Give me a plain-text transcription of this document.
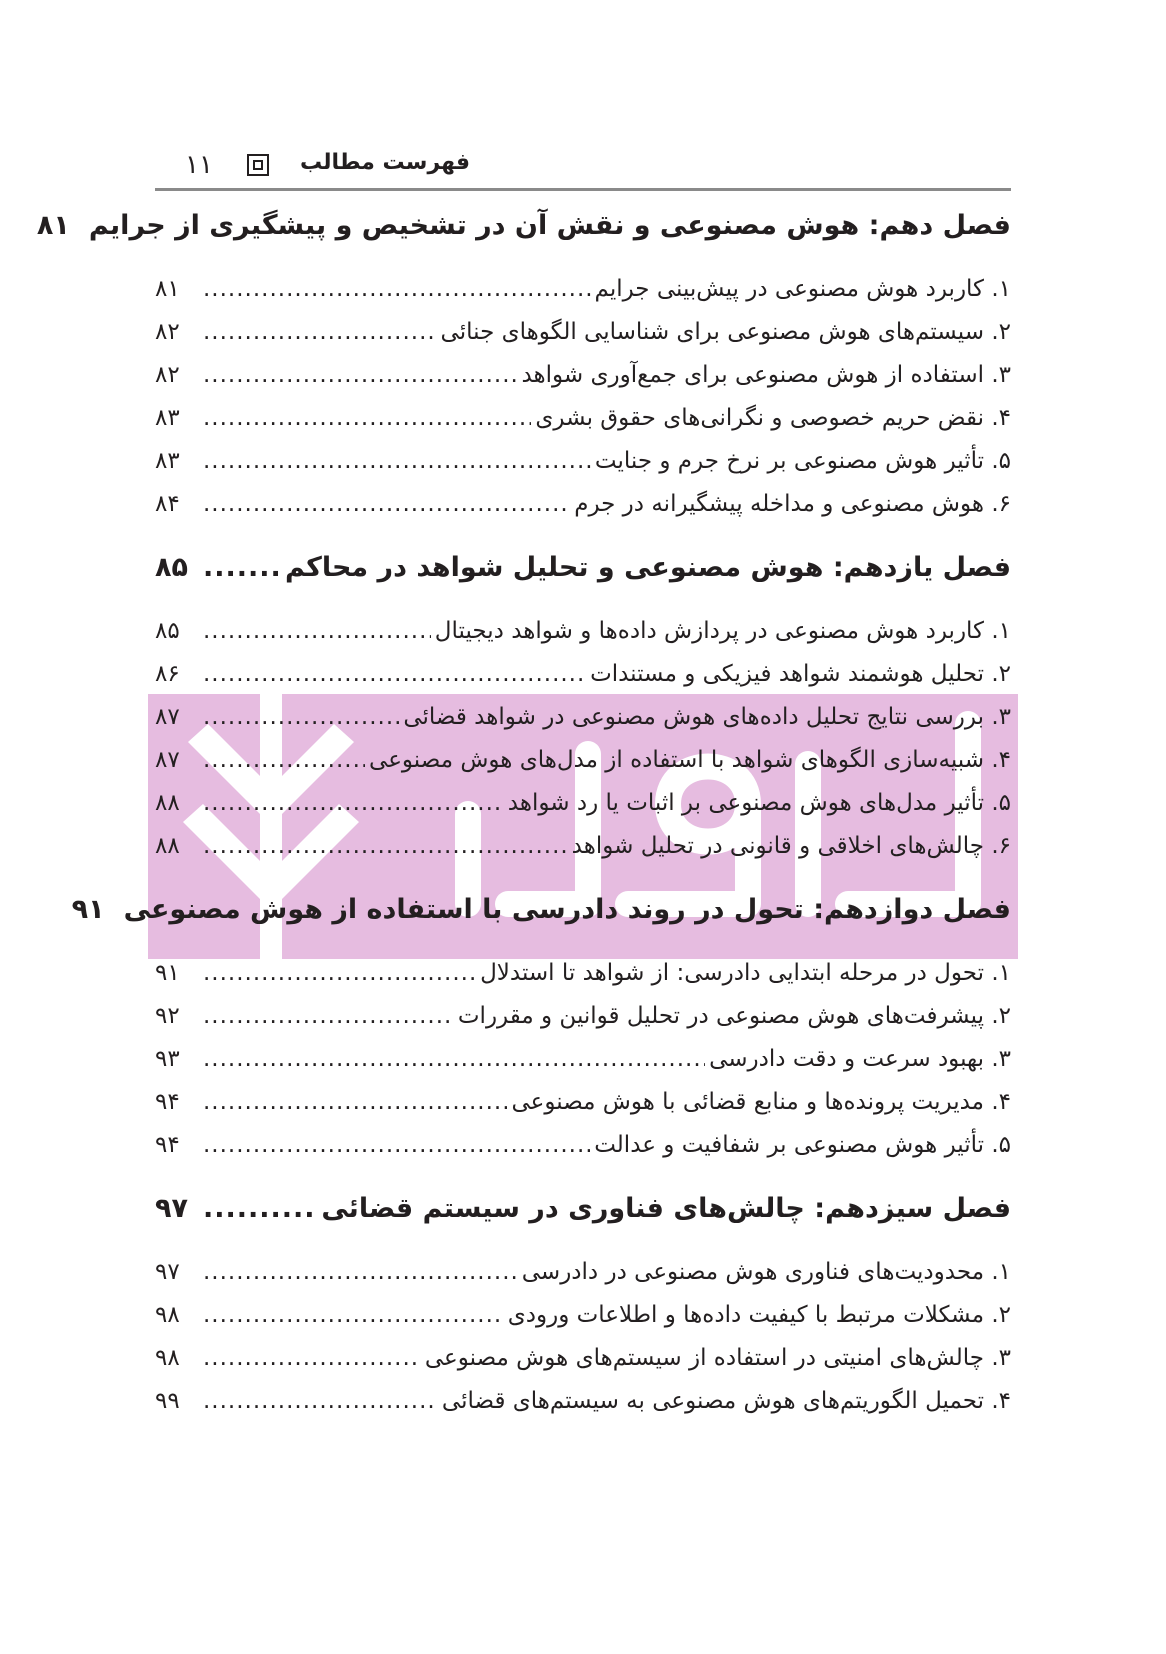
۱۱	فهرست مطالب
فصل دهم: هوش مصنوعی و نقش آن در تشخیص و پیشگیری از جرایم
۸۱
۱. کاربرد هوش مصنوعی در پیش‌بینی جرایم
.....
۸۱
۲. سیستم‌های هوش مصنوعی برای شناسایی الگوهای جنائی
.....
۸۲
۳. استفاده از هوش مصنوعی برای جمع‌آوری شواهد
.....
۸۲
۴. نقض حریم خصوصی و نگرانی‌های حقوق بشری
.....
۸۳
۵. تأثیر هوش مصنوعی بر نرخ جرم و جنایت
.....
۸۳
۶. هوش مصنوعی و مداخله پیشگیرانه در جرم
.....
۸۴
فصل یازدهم: هوش مصنوعی و تحلیل شواهد در محاکم
.....
۸۵
۱. کاربرد هوش مصنوعی در پردازش داده‌ها و شواهد دیجیتال
.....
۸۵
۲. تحلیل هوشمند شواهد فیزیکی و مستندات
.....
۸۶
۳. بررسی نتایج تحلیل داده‌های هوش مصنوعی در شواهد قضائی
.....
۸۷
۴. شبیه‌سازی الگوهای شواهد با استفاده از مدل‌های هوش مصنوعی
.....
۸۷
۵. تأثیر مدل‌های هوش مصنوعی بر اثبات یا رد شواهد
.....
۸۸
۶. چالش‌های اخلاقی و قانونی در تحلیل شواهد
.....
۸۸
فصل دوازدهم: تحول در روند دادرسی با استفاده از هوش مصنوعی
۹۱
۱. تحول در مرحله ابتدایی دادرسی: از شواهد تا استدلال
.....
۹۱
۲. پیشرفت‌های هوش مصنوعی در تحلیل قوانین و مقررات
.....
۹۲
۳. بهبود سرعت و دقت دادرسی
.....
۹۳
۴. مدیریت پرونده‌ها و منابع قضائی با هوش مصنوعی
.....
۹۴
۵. تأثیر هوش مصنوعی بر شفافیت و عدالت
.....
۹۴
فصل سیزدهم: چالش‌های فناوری در سیستم قضائی
.....
۹۷
۱. محدودیت‌های فناوری هوش مصنوعی در دادرسی
.....
۹۷
۲. مشکلات مرتبط با کیفیت داده‌ها و اطلاعات ورودی
.....
۹۸
۳. چالش‌های امنیتی در استفاده از سیستم‌های هوش مصنوعی
.....
۹۸
۴. تحمیل الگوریتم‌های هوش مصنوعی به سیستم‌های قضائی
.....
۹۹
